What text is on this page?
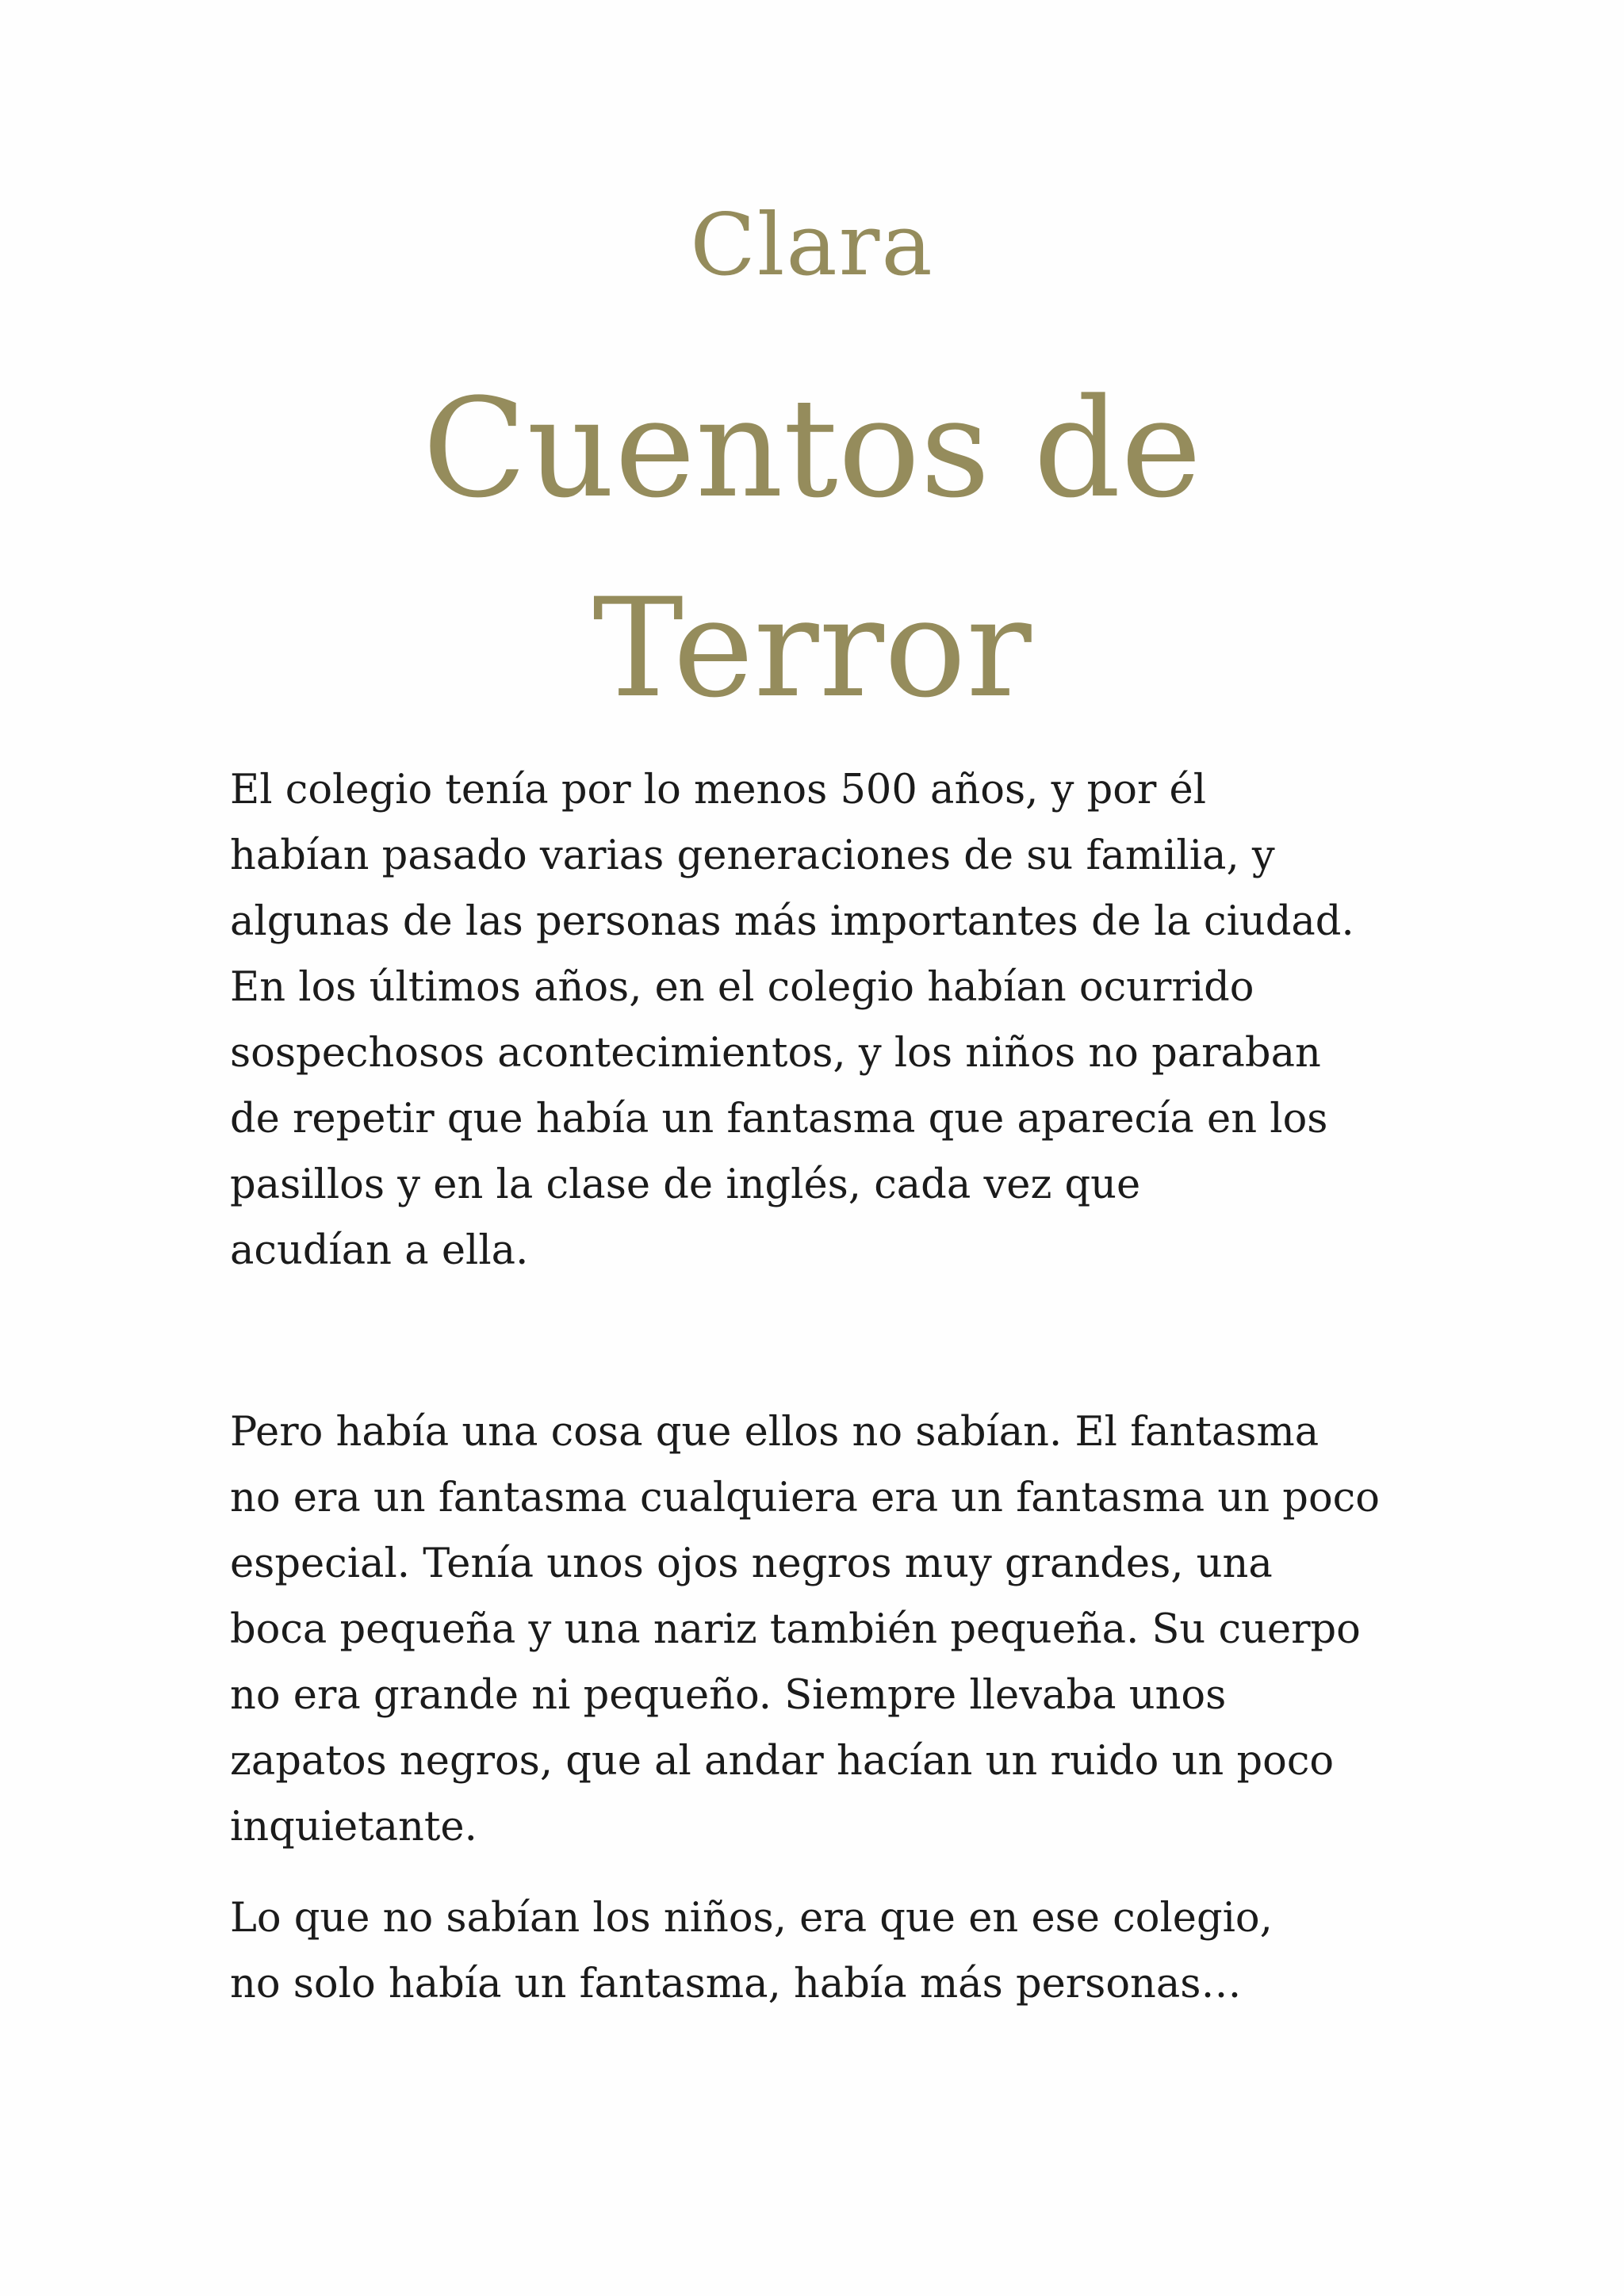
Clara
Cuentos de
Terror

El colegio tenía por lo menos 500 años, y por él
habían pasado varias generaciones de su familia, y
algunas de las personas más importantes de la ciudad.
En los últimos años, en el colegio habían ocurrido
sospechosos acontecimientos, y los niños no paraban
de repetir que había un fantasma que aparecía en los
pasillos y en la clase de inglés, cada vez que
acudían a ella.

Pero había una cosa que ellos no sabían. El fantasma
no era un fantasma cualquiera era un fantasma un poco
especial. Tenía unos ojos negros muy grandes, una
boca pequeña y una nariz también pequeña. Su cuerpo
no era grande ni pequeño. Siempre llevaba unos
zapatos negros, que al andar hacían un ruido un poco
inquietante.

Lo que no sabían los niños, era que en ese colegio,
no solo había un fantasma, había más personas…
